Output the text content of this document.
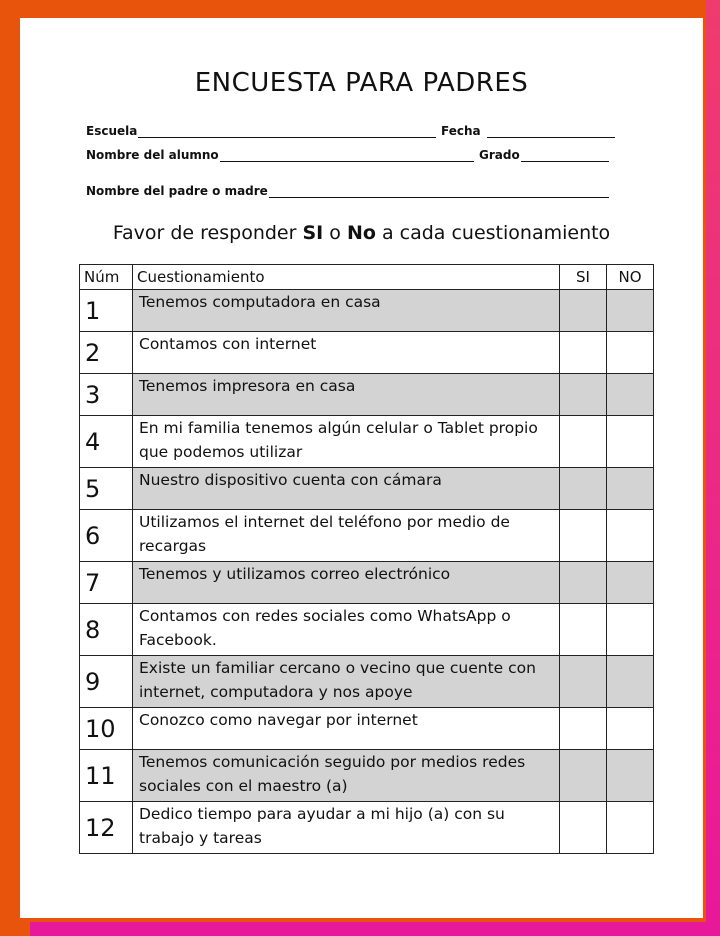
ENCUESTA PARA PADRES
Escuela	Fecha
Nombre del alumno	Grado
Nombre del padre o madre
Favor de responder SI o No a cada cuestionamiento
Núm	Cuestionamiento	SI	NO
1	Tenemos computadora en casa		
2	Contamos con internet		
3	Tenemos impresora en casa		
4	En mi familia tenemos algún celular o Tablet propio que podemos utilizar		
5	Nuestro dispositivo cuenta con cámara		
6	Utilizamos el internet del teléfono por medio de recargas		
7	Tenemos y utilizamos correo electrónico		
8	Contamos con redes sociales como WhatsApp o Facebook.		
9	Existe un familiar cercano o vecino que cuente con internet, computadora y nos apoye		
10	Conozco como navegar por internet		
11	Tenemos comunicación seguido por medios redes sociales con el maestro (a)		
12	Dedico tiempo para ayudar a mi hijo (a) con su trabajo y tareas		
